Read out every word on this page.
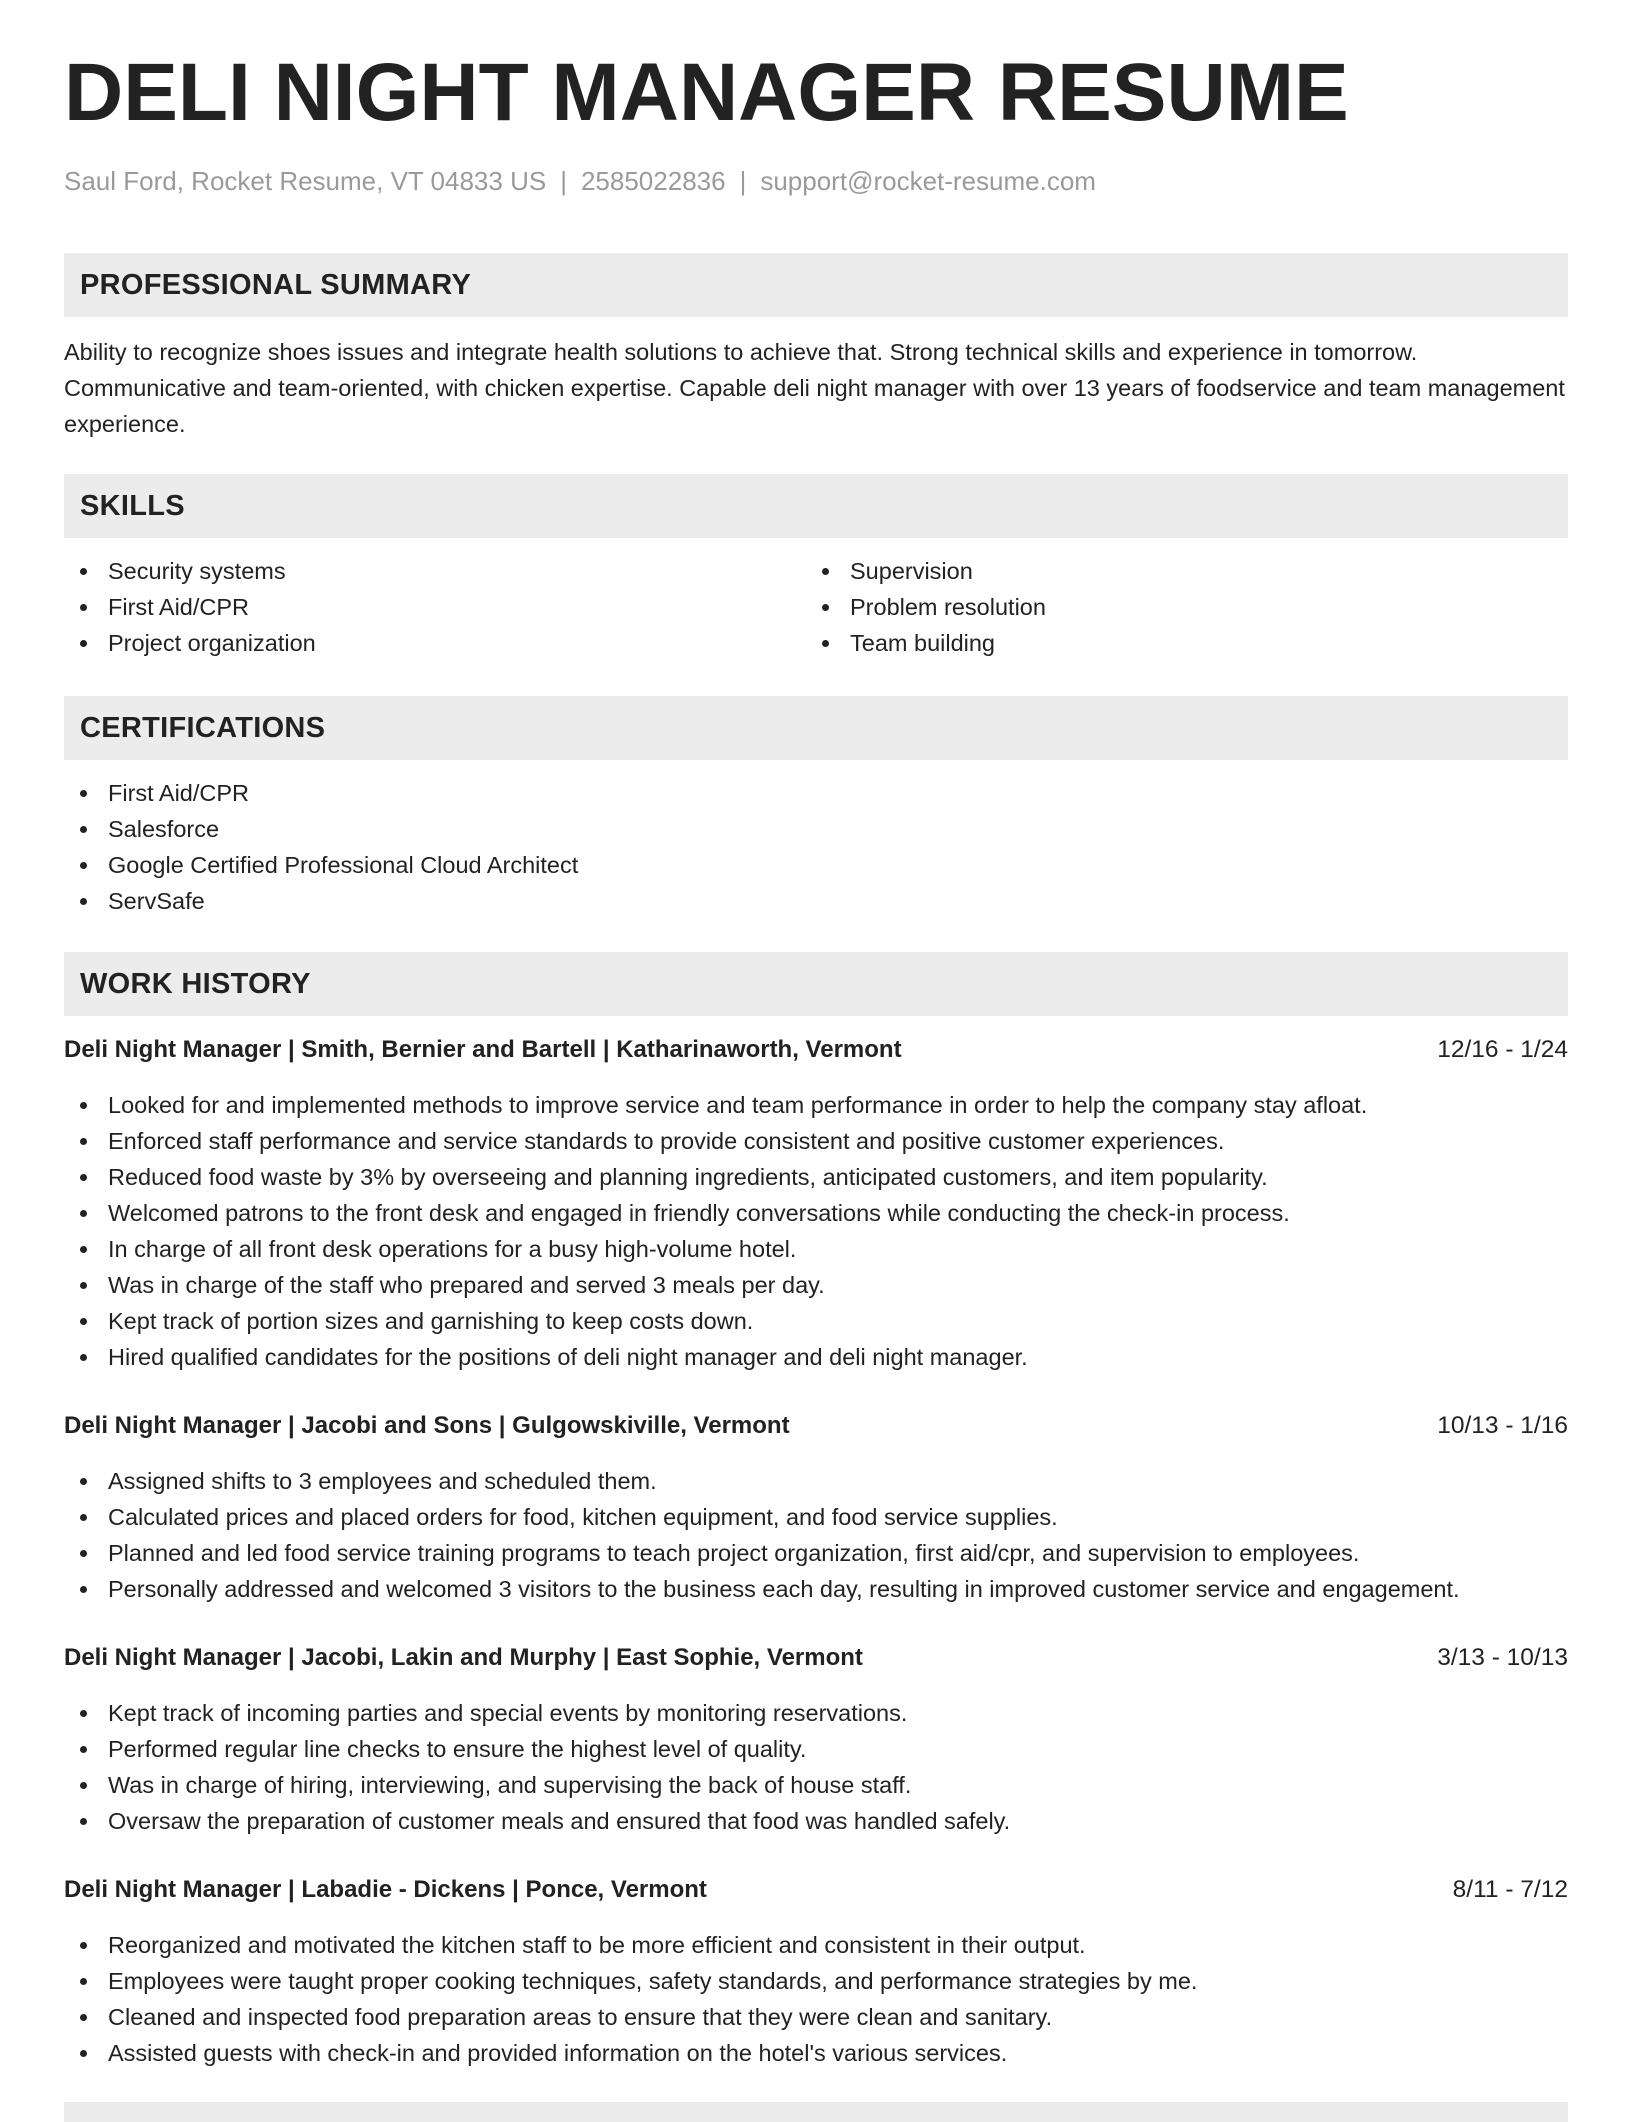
DELI NIGHT MANAGER RESUME
Saul Ford, Rocket Resume, VT 04833 US | 2585022836 | support@rocket-resume.com
PROFESSIONAL SUMMARY

Ability to recognize shoes issues and integrate health solutions to achieve that. Strong technical skills and experience in tomorrow. Communicative and team-oriented, with chicken expertise. Capable deli night manager with over 13 years of foodservice and team management experience.

SKILLS
Security systems
First Aid/CPR
Project organization
Supervision
Problem resolution
Team building
CERTIFICATIONS
First Aid/CPR
Salesforce
Google Certified Professional Cloud Architect
ServSafe
WORK HISTORY
Deli Night Manager | Smith, Bernier and Bartell | Katharinaworth, Vermont	12/16 - 1/24
Looked for and implemented methods to improve service and team performance in order to help the company stay afloat.
Enforced staff performance and service standards to provide consistent and positive customer experiences.
Reduced food waste by 3% by overseeing and planning ingredients, anticipated customers, and item popularity.
Welcomed patrons to the front desk and engaged in friendly conversations while conducting the check-in process.
In charge of all front desk operations for a busy high-volume hotel.
Was in charge of the staff who prepared and served 3 meals per day.
Kept track of portion sizes and garnishing to keep costs down.
Hired qualified candidates for the positions of deli night manager and deli night manager.
Deli Night Manager | Jacobi and Sons | Gulgowskiville, Vermont	10/13 - 1/16
Assigned shifts to 3 employees and scheduled them.
Calculated prices and placed orders for food, kitchen equipment, and food service supplies.
Planned and led food service training programs to teach project organization, first aid/cpr, and supervision to employees.
Personally addressed and welcomed 3 visitors to the business each day, resulting in improved customer service and engagement.
Deli Night Manager | Jacobi, Lakin and Murphy | East Sophie, Vermont	3/13 - 10/13
Kept track of incoming parties and special events by monitoring reservations.
Performed regular line checks to ensure the highest level of quality.
Was in charge of hiring, interviewing, and supervising the back of house staff.
Oversaw the preparation of customer meals and ensured that food was handled safely.
Deli Night Manager | Labadie - Dickens | Ponce, Vermont	8/11 - 7/12
Reorganized and motivated the kitchen staff to be more efficient and consistent in their output.
Employees were taught proper cooking techniques, safety standards, and performance strategies by me.
Cleaned and inspected food preparation areas to ensure that they were clean and sanitary.
Assisted guests with check-in and provided information on the hotel's various services.
